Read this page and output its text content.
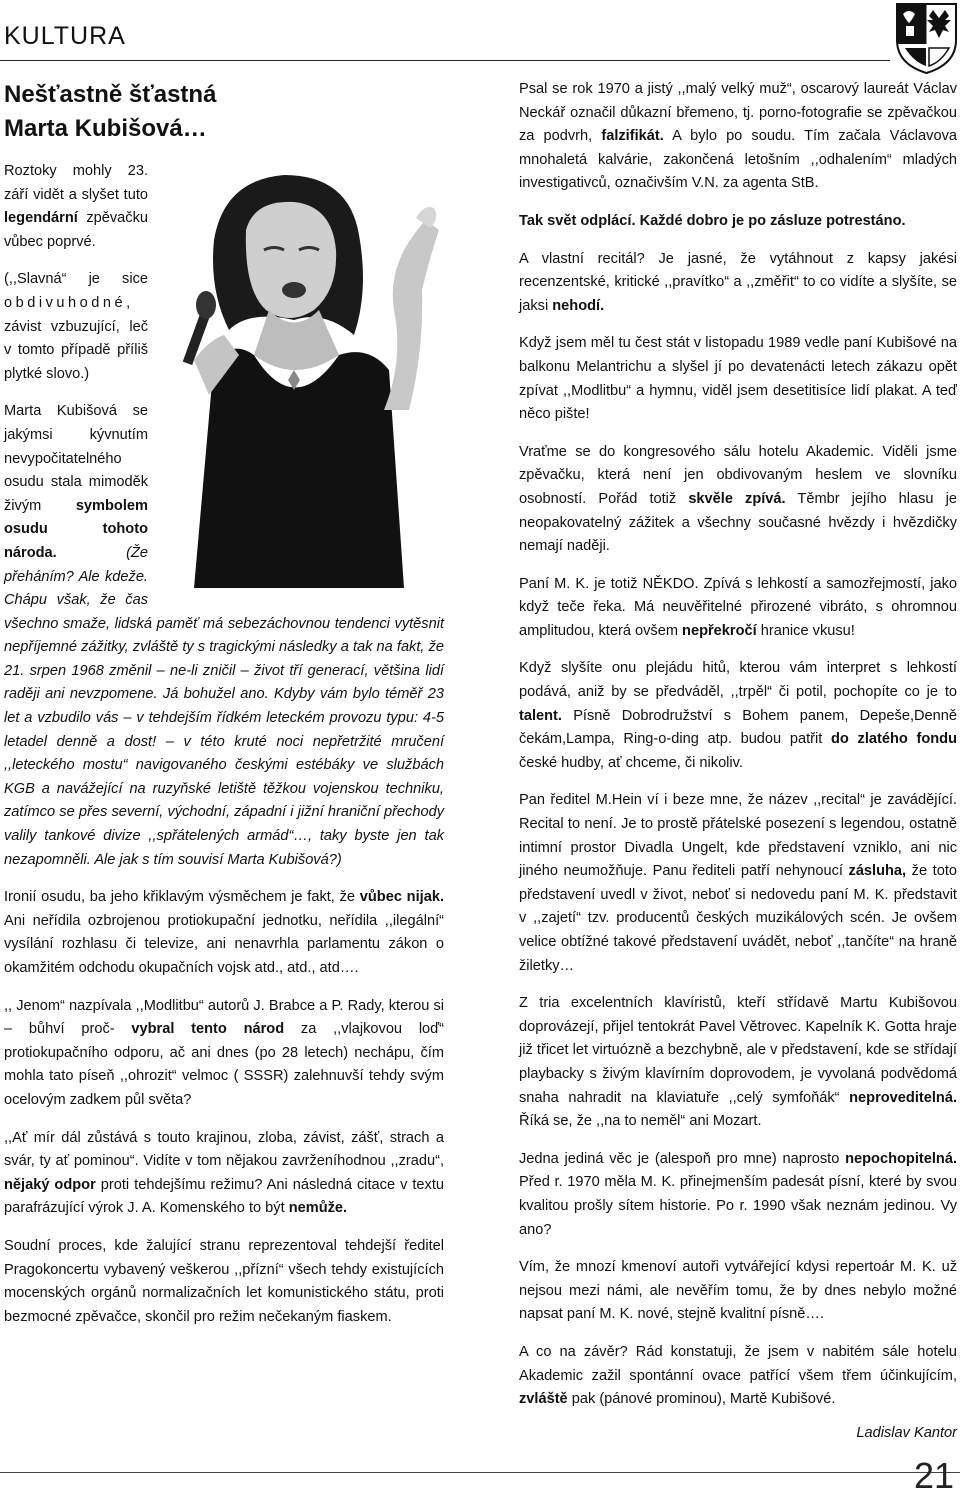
KULTURA
Nešťastně šťastná
Marta Kubišová…

Roztoky mohly 23. září vidět a slyšet tuto legendární zpěvačku vůbec poprvé.

(,,Slavná“ je sice obdivuhodné, závist vzbuzující, leč v tomto případě příliš plytké slovo.)

Marta Kubišová se jakýmsi kývnutím nevypočitatelného osudu stala mimoděk živým symbolem osudu tohoto národa. (Že přeháním? Ale kdeže. Chápu však, že čas všechno smaže, lidská paměť má sebezáchovnou tendenci vytěsnit nepříjemné zážitky, zvláště ty s tragickými následky a tak na fakt, že 21. srpen 1968 změnil – ne-li zničil – život tří generací, většina lidí raději ani nevzpomene. Já bohužel ano. Kdyby vám bylo téměř 23 let a vzbudilo vás – v tehdejším řídkém leteckém provozu typu: 4-5 letadel denně a dost! – v této kruté noci nepřetržité mručení ,,leteckého mostu“ navigovaného českými estébáky ve službách KGB a navážející na ruzyňské letiště těžkou vojenskou techniku, zatímco se přes severní, východní, západní i jižní hraniční přechody valily tankové divize ,,spřátelených armád“…, taky byste jen tak nezapomněli. Ale jak s tím souvisí Marta Kubišová?)

Ironií osudu, ba jeho křiklavým výsměchem je fakt, že vůbec nijak. Ani neřídila ozbrojenou protiokupační jednotku, neřídila ,,ilegální“ vysílání rozhlasu či televize, ani nenavrhla parlamentu zákon o okamžitém odchodu okupačních vojsk atd., atd., atd….

,, Jenom“ nazpívala ,,Modlitbu“ autorů J. Brabce a P. Rady, kterou si – bůhví proč- vybral tento národ za ,,vlajkovou loď“ protiokupačního odporu, ač ani dnes (po 28 letech) nechápu, čím mohla tato píseň ,,ohrozit“ velmoc ( SSSR) zalehnuvší tehdy svým ocelovým zadkem půl světa?

,,Ať mír dál zůstává s touto krajinou, zloba, závist, zášť, strach a svár, ty ať pominou“. Vidíte v tom nějakou zavrženíhodnou ,,zradu“, nějaký odpor proti tehdejšímu režimu? Ani následná citace v textu parafrázující výrok J. A. Komenského to být nemůže.

Soudní proces, kde žalující stranu reprezentoval tehdejší ředitel Pragokoncertu vybavený veškerou ,,přízní“ všech tehdy existujících mocenských orgánů normalizačních let komunistického státu, proti bezmocné zpěvačce, skončil pro režim nečekaným fiaskem.

Psal se rok 1970 a jistý ,,malý velký muž“, oscarový laureát Václav Neckář označil důkazní břemeno, tj. porno-fotografie se zpěvačkou za podvrh, falzifikát. A bylo po soudu. Tím začala Václavova mnohaletá kalvárie, zakončená letošním ,,odhalením“ mladých investigativců, označivším V.N. za agenta StB.

Tak svět odplácí. Každé dobro je po zásluze potrestáno.

A vlastní recitál? Je jasné, že vytáhnout z kapsy jakési recenzentské, kritické ,,pravítko“ a ,,změřit“ to co vidíte a slyšíte, se jaksi nehodí.

Když jsem měl tu čest stát v listopadu 1989 vedle paní Kubišové na balkonu Melantrichu a slyšel jí po devatenácti letech zákazu opět zpívat ,,Modlitbu“ a hymnu, viděl jsem desetitisíce lidí plakat. A teď něco pište!

Vraťme se do kongresového sálu hotelu Akademic. Viděli jsme zpěvačku, která není jen obdivovaným heslem ve slovníku osobností. Pořád totiž skvěle zpívá. Těmbr jejího hlasu je neopakovatelný zážitek a všechny současné hvězdy i hvězdičky nemají naději.

Paní M. K. je totiž NĚKDO. Zpívá s lehkostí a samozřejmostí, jako když teče řeka. Má neuvěřitelné přirozené vibráto, s ohromnou amplitudou, která ovšem nepřekročí hranice vkusu!

Když slyšíte onu plejádu hitů, kterou vám interpret s lehkostí podává, aniž by se předváděl, ,,trpěl“ či potil, pochopíte co je to talent. Písně Dobrodružství s Bohem panem, Depeše,Denně čekám,Lampa, Ring-o-ding atp. budou patřit do zlatého fondu české hudby, ať chceme, či nikoliv.

Pan ředitel M.Hein ví i beze mne, že název ,,recital“ je zavádějící. Recital to není. Je to prostě přátelské posezení s legendou, ostatně intimní prostor Divadla Ungelt, kde představení vzniklo, ani nic jiného neumožňuje. Panu řediteli patří nehynoucí zásluha, že toto představení uvedl v život, neboť si nedovedu paní M. K. představit v ,,zajetí“ tzv. producentů českých muzikálových scén. Je ovšem velice obtížné takové představení uvádět, neboť ,,tančíte“ na hraně žiletky…

Z tria excelentních klavíristů, kteří střídavě Martu Kubišovou doprovázejí, přijel tentokrát Pavel Větrovec. Kapelník K. Gotta hraje již třicet let virtuózně a bezchybně, ale v představení, kde se střídají playbacky s živým klavírním doprovodem, je vyvolaná podvědomá snaha nahradit na klaviatuře ,,celý symfoňák“ neproveditelná. Říká se, že ,,na to neměl“ ani Mozart.

Jedna jediná věc je (alespoň pro mne) naprosto nepochopitelná. Před r. 1970 měla M. K. přinejmenším padesát písní, které by svou kvalitou prošly sítem historie. Po r. 1990 však neznám jedinou. Vy ano?

Vím, že mnozí kmenoví autoři vytvářející kdysi repertoár M. K. už nejsou mezi námi, ale nevěřím tomu, že by dnes nebylo možné napsat paní M. K. nové, stejně kvalitní písně….

A co na závěr? Rád konstatuji, že jsem v nabitém sále hotelu Akademic zažil spontánní ovace patřící všem třem účinkujícím, zvláště pak (pánové prominou), Martě Kubišové.

Ladislav Kantor

21
